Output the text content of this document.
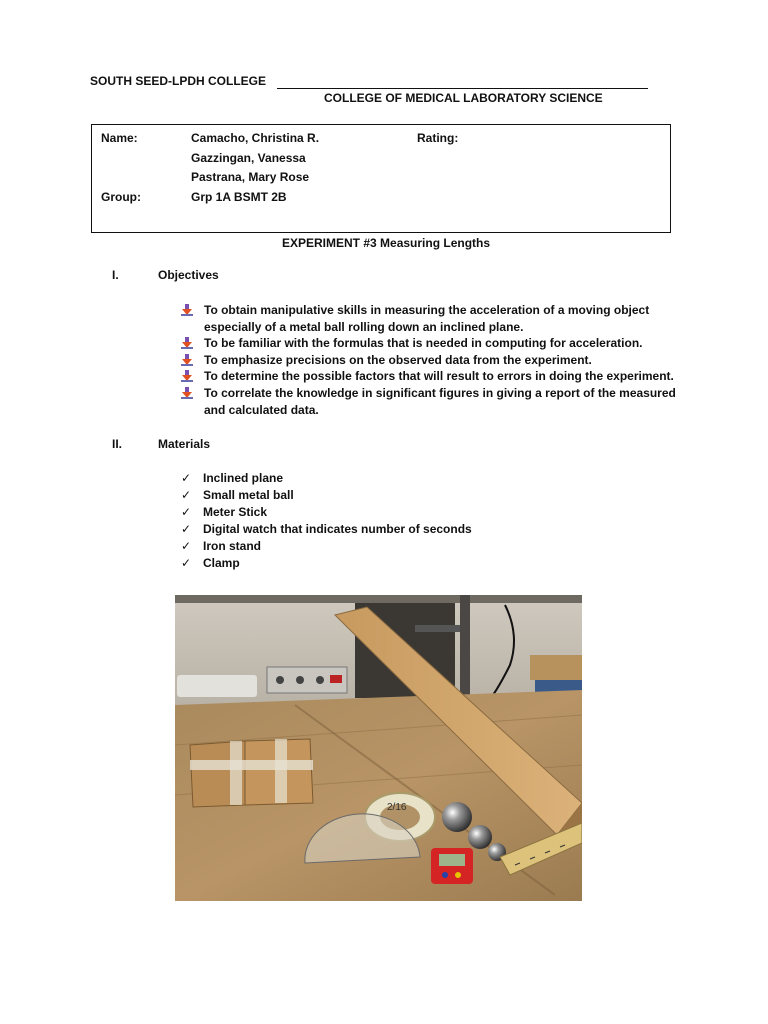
SOUTH SEED-LPDH COLLEGE
COLLEGE OF MEDICAL LABORATORY SCIENCE
Name:	Camacho, Christina R.
Gazzingan, Vanessa
Pastrana, Mary Rose
Rating:
Group:	Grp 1A BSMT 2B
EXPERIMENT #3 Measuring Lengths
I.	Objectives
To obtain manipulative skills in measuring the acceleration of a moving object especially of a metal ball rolling down an inclined plane.
To be familiar with the formulas that is needed in computing for acceleration.
To emphasize precisions on the observed data from the experiment.
To determine the possible factors that will result to errors in doing the experiment.
To correlate the knowledge in significant figures in giving a report of the measured and calculated data.
II.	Materials
✓ Inclined plane
✓ Small metal ball
✓ Meter Stick
✓ Digital watch that indicates number of seconds
✓ Iron stand
✓ Clamp
2/16
